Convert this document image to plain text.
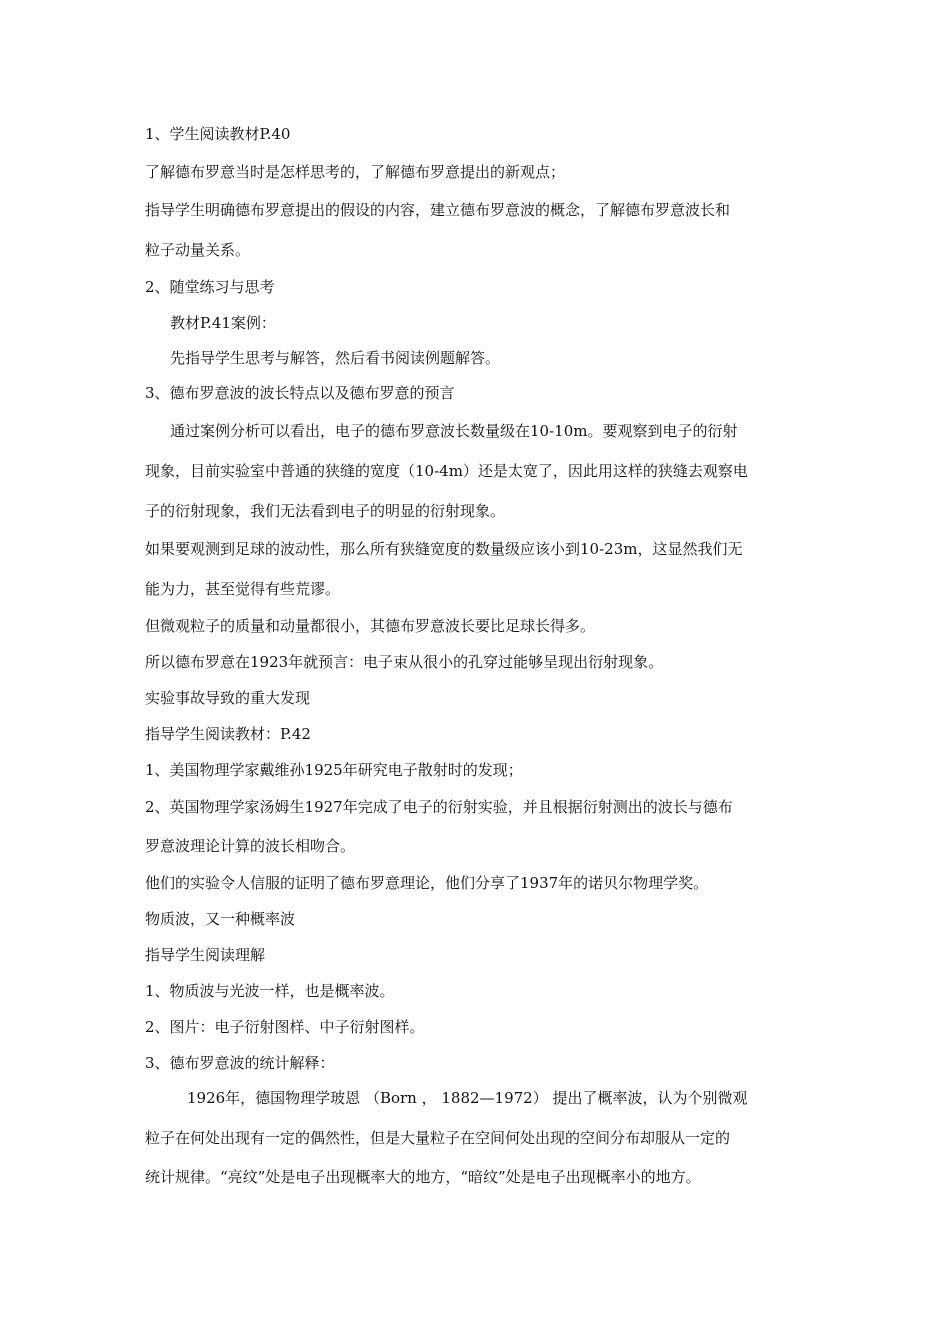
1、学生阅读教材P.40
了解德布罗意当时是怎样思考的，了解德布罗意提出的新观点；
指导学生明确德布罗意提出的假设的内容，建立德布罗意波的概念，了解德布罗意波长和
粒子动量关系。
2、随堂练习与思考
教材P.41案例：
先指导学生思考与解答，然后看书阅读例题解答。
3、德布罗意波的波长特点以及德布罗意的预言
通过案例分析可以看出，电子的德布罗意波长数量级在10-10m。要观察到电子的衍射
现象，目前实验室中普通的狭缝的宽度（10-4m）还是太宽了，因此用这样的狭缝去观察电
子的衍射现象，我们无法看到电子的明显的衍射现象。
如果要观测到足球的波动性，那么所有狭缝宽度的数量级应该小到10-23m，这显然我们无
能为力，甚至觉得有些荒谬。
但微观粒子的质量和动量都很小，其德布罗意波长要比足球长得多。
所以德布罗意在1923年就预言：电子束从很小的孔穿过能够呈现出衍射现象。
实验事故导致的重大发现
指导学生阅读教材：P.42
1、美国物理学家戴维孙1925年研究电子散射时的发现；
2、英国物理学家汤姆生1927年完成了电子的衍射实验，并且根据衍射测出的波长与德布
罗意波理论计算的波长相吻合。
他们的实验令人信服的证明了德布罗意理论，他们分享了1937年的诺贝尔物理学奖。
物质波，又一种概率波
指导学生阅读理解
1、物质波与光波一样，也是概率波。
2、图片：电子衍射图样、中子衍射图样。
3、德布罗意波的统计解释：
1926年，德国物理学玻恩 （Born ， 1882—1972） 提出了概率波，认为个别微观
粒子在何处出现有一定的偶然性，但是大量粒子在空间何处出现的空间分布却服从一定的
统计规律。“亮纹”处是电子出现概率大的地方，“暗纹”处是电子出现概率小的地方。
